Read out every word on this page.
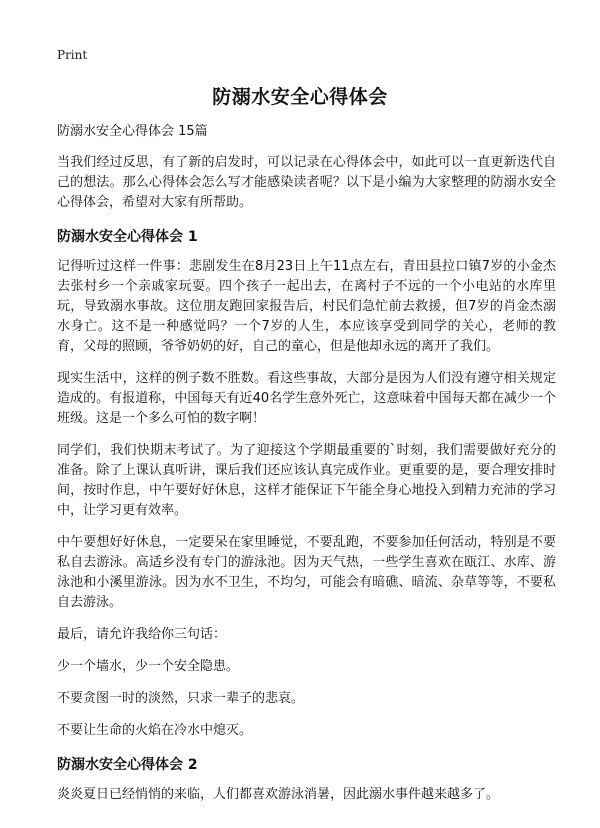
Print
防溺水安全心得体会
防溺水安全心得体会 15篇

当我们经过反思，有了新的启发时，可以记录在心得体会中，如此可以一直更新迭代自己的想法。那么心得体会怎么写才能感染读者呢？以下是小编为大家整理的防溺水安全心得体会，希望对大家有所帮助。

防溺水安全心得体会 1

记得听过这样一件事：悲剧发生在8月23日上午11点左右，青田县拉口镇7岁的小金杰去张村乡一个亲戚家玩耍。四个孩子一起出去，在离村子不远的一个小电站的水库里玩，导致溺水事故。这位朋友跑回家报告后，村民们急忙前去救援，但7岁的肖金杰溺水身亡。这不是一种感觉吗？一个7岁的人生，本应该享受到同学的关心，老师的教育，父母的照顾，爷爷奶奶的好，自己的童心，但是他却永远的离开了我们。

现实生活中，这样的例子数不胜数。看这些事故，大部分是因为人们没有遵守相关规定造成的。有报道称，中国每天有近40名学生意外死亡，这意味着中国每天都在减少一个班级。这是一个多么可怕的数字啊！

同学们，我们快期末考试了。为了迎接这个学期最重要的`时刻，我们需要做好充分的准备。除了上课认真听讲，课后我们还应该认真完成作业。更重要的是，要合理安排时间，按时作息，中午要好好休息，这样才能保证下午能全身心地投入到精力充沛的学习中，让学习更有效率。

中午要想好好休息，一定要呆在家里睡觉，不要乱跑，不要参加任何活动，特别是不要私自去游泳。高适乡没有专门的游泳池。因为天气热，一些学生喜欢在瓯江、水库、游泳池和小溪里游泳。因为水不卫生，不均匀，可能会有暗礁、暗流、杂草等等，不要私自去游泳。

最后，请允许我给你三句话：

少一个墙水，少一个安全隐患。

不要贪图一时的淡然，只求一辈子的悲哀。

不要让生命的火焰在冷水中熄灭。

防溺水安全心得体会 2

炎炎夏日已经悄悄的来临，人们都喜欢游泳消暑，因此溺水事件越来越多了。
